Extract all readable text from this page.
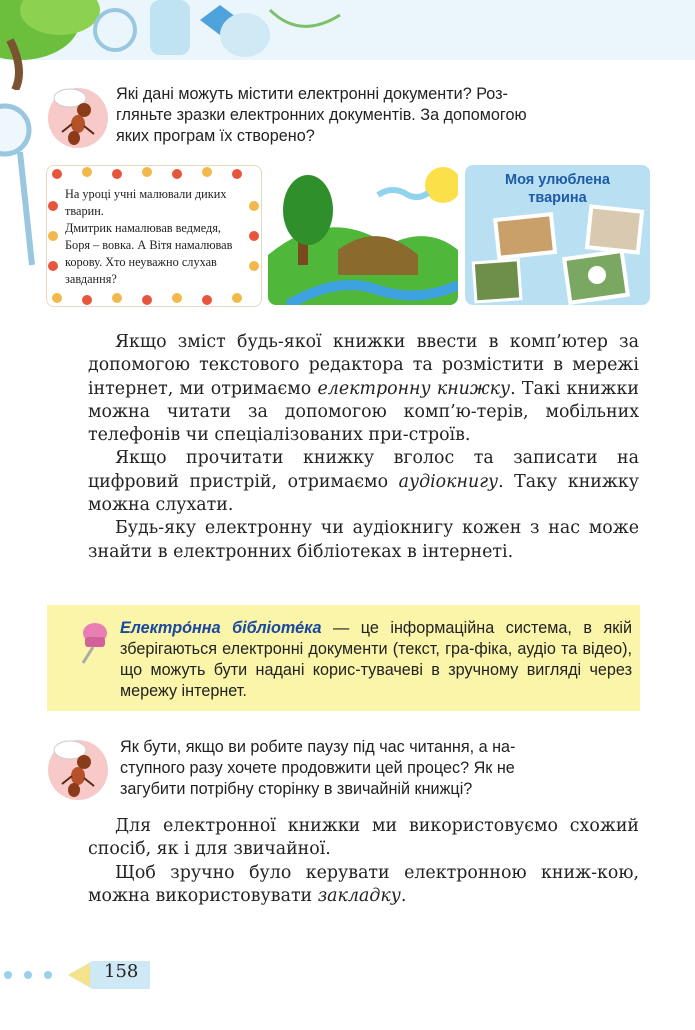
Які дані можуть містити електронні документи? Роз-
гляньте зразки електронних документів. За допомогою
яких програм їх створено?
На уроці учні малювали диких
тварин.
Дмитрик намалював ведмедя,
Боря – вовка. А Вітя намалював
корову. Хто неуважно слухав
завдання?
Моя улюблена
тварина

Якщо зміст будь-якої книжки ввести в комп’ютер за допомогою текстового редактора та розмістити в мережі інтернет, ми отримаємо електронну книжку. Такі книжки можна читати за допомогою комп’ю-терів, мобільних телефонів чи спеціалізованих при-строїв.

Якщо прочитати книжку вголос та записати на цифровий пристрій, отримаємо аудіокнигу. Таку книжку можна слухати.

Будь-яку електронну чи аудіокнигу кожен з нас може знайти в електронних бібліотеках в інтернеті.

Електро́нна бібліоте́ка — це інформаційна система, в якій зберігаються електронні документи (текст, гра-фіка, аудіо та відео), що можуть бути надані корис-тувачеві в зручному вигляді через мережу інтернет.
Як бути, якщо ви робите паузу під час читання, а на-
ступного разу хочете продовжити цей процес? Як не
загубити потрібну сторінку в звичайній книжці?

Для електронної книжки ми використовуємо схожий спосіб, як і для звичайної.

Щоб зручно було керувати електронною книж-кою, можна використовувати закладку.

158
